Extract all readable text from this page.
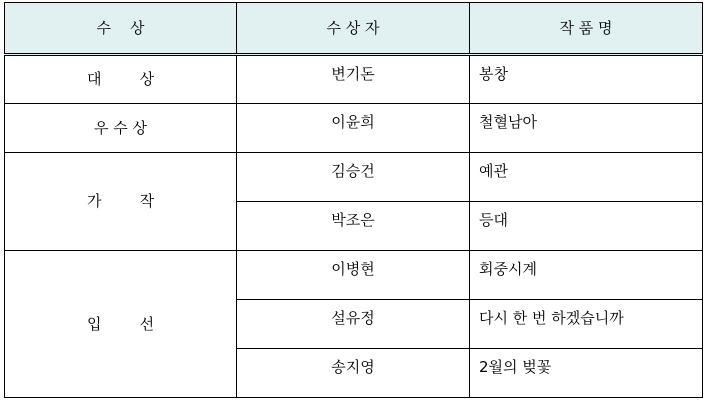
수    상	수 상 자	작 품 명
대        상	변기돈	봉창
우 수 상	이윤희	철혈남아
가        작	김승건	예관
	박조은	등대
입        선	이병현	회중시계
	설유정	다시 한 번 하겠습니까
	송지영	2월의 벚꽃
